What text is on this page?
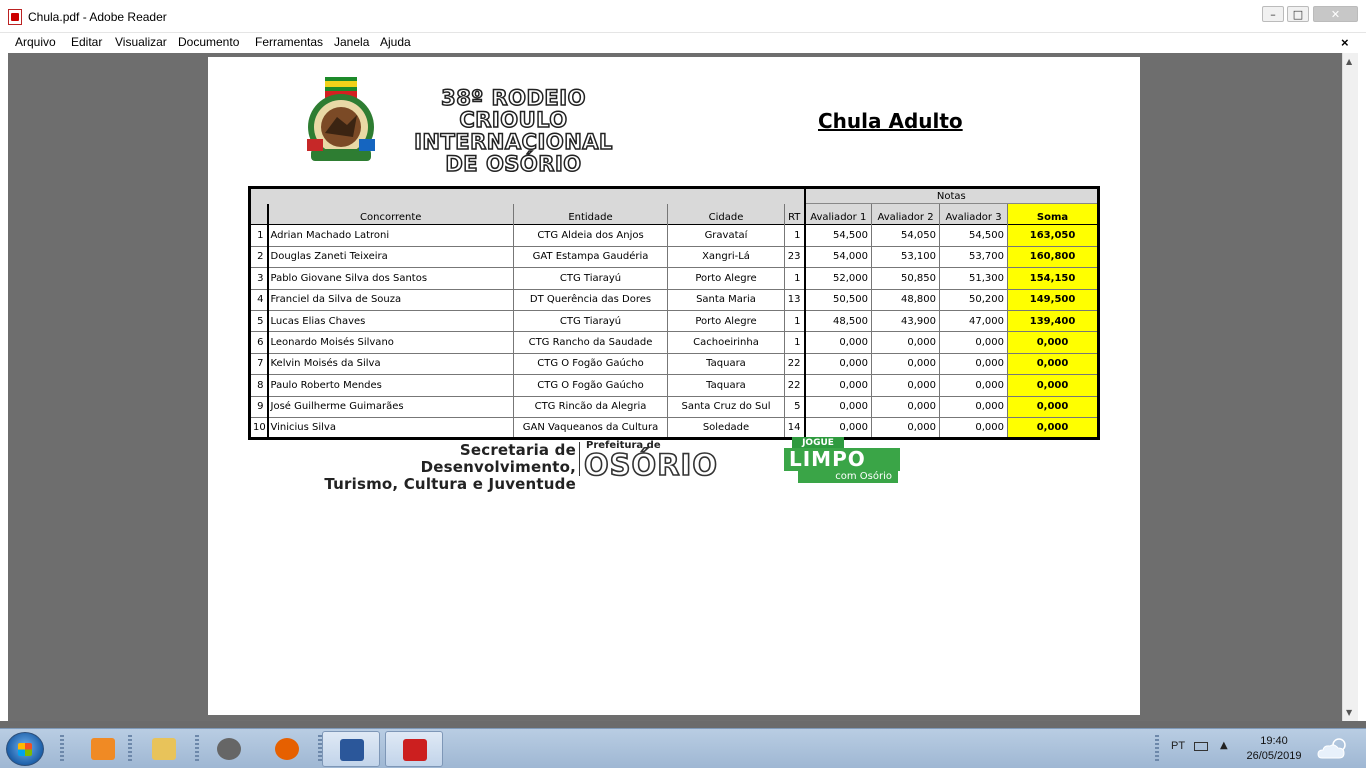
Chula.pdf - Adobe Reader	–	□	✕
Arquivo Editar Visualizar Documento Ferramentas Janela Ajuda	×
▲
▼
38º RODEIO CRIOULO
INTERNACIONAL
DE OSÓRIO
Chula Adulto
					Notas			
	Concorrente	Entidade	Cidade	RT	Avaliador 1	Avaliador 2	Avaliador 3	Soma
1	Adrian Machado Latroni	CTG Aldeia dos Anjos	Gravataí	1	54,500	54,050	54,500	163,050
2	Douglas Zaneti Teixeira	GAT Estampa Gaudéria	Xangri-Lá	23	54,000	53,100	53,700	160,800
3	Pablo Giovane Silva dos Santos	CTG Tiarayú	Porto Alegre	1	52,000	50,850	51,300	154,150
4	Franciel da Silva de Souza	DT Querência das Dores	Santa Maria	13	50,500	48,800	50,200	149,500
5	Lucas Elias Chaves	CTG Tiarayú	Porto Alegre	1	48,500	43,900	47,000	139,400
6	Leonardo Moisés Silvano	CTG Rancho da Saudade	Cachoeirinha	1	0,000	0,000	0,000	0,000
7	Kelvin Moisés da Silva	CTG O Fogão Gaúcho	Taquara	22	0,000	0,000	0,000	0,000
8	Paulo Roberto Mendes	CTG O Fogão Gaúcho	Taquara	22	0,000	0,000	0,000	0,000
9	José Guilherme Guimarães	CTG Rincão da Alegria	Santa Cruz do Sul	5	0,000	0,000	0,000	0,000
10	Vinicius Silva	GAN Vaqueanos da Cultura	Soledade	14	0,000	0,000	0,000	0,000
Secretaria de Desenvolvimento,
Turismo, Cultura e Juventude
Prefeitura de
OSÓRIO
JOGUE
LIMPO
com Osório
PT	▲	19:40
26/05/2019
